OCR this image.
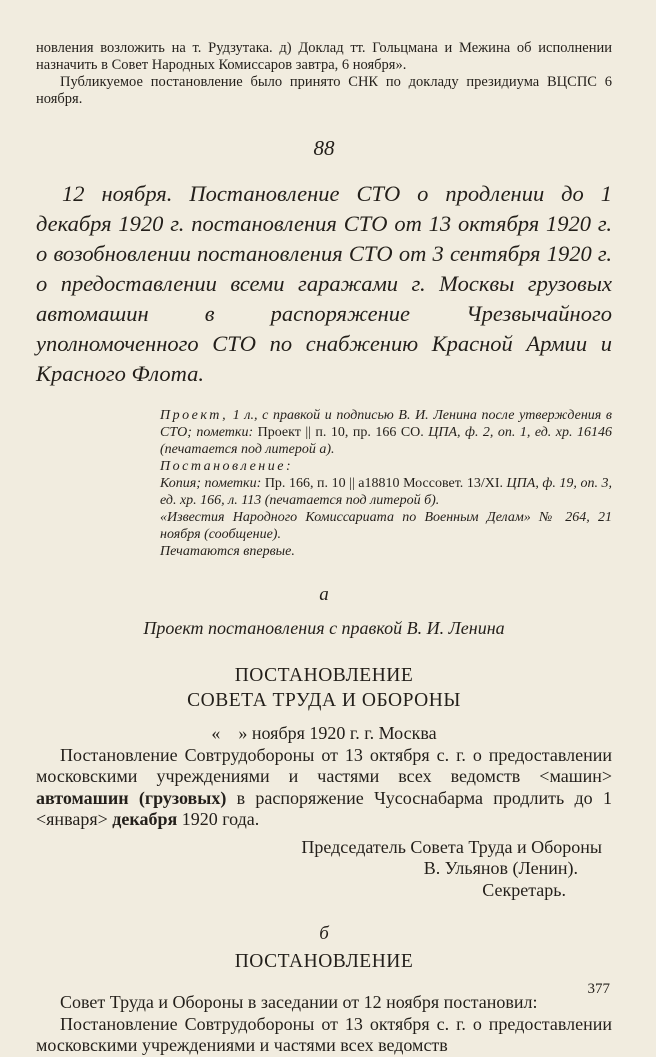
новления возложить на т. Рудзутака. д) Доклад тт. Гольцмана и Межина об исполнении назначить в Совет Народных Комиссаров завтра, 6 ноября».
Публикуемое постановление было принято СНК по докладу президиума ВЦСПС 6 ноября.
88

12 ноября. Постановление СТО о продлении до 1 декабря 1920 г. постановления СТО от 13 октября 1920 г. о возобновлении постановления СТО от 3 сентября 1920 г. о предоставлении всеми гаражами г. Москвы грузовых автомашин в распоряжение Чрезвычайного уполномоченного СТО по снабжению Красной Армии и Красного Флота.

Проект, 1 л., с правкой и подписью В. И. Ленина после утверждения в СТО; пометки: Проект || п. 10, пр. 166 СО. ЦПА, ф. 2, оп. 1, ед. хр. 16146 (печатается под литерой а).

Постановление:

Копия; пометки: Пр. 166, п. 10 || а18810 Моссовет. 13/XI. ЦПА, ф. 19, оп. 3, ед. хр. 166, л. 113 (печатается под литерой б).

«Известия Народного Комиссариата по Военным Делам» № 264, 21 ноября (сообщение).

Печатаются впервые.

а
Проект постановления с правкой В. И. Ленина
ПОСТАНОВЛЕНИЕ
СОВЕТА ТРУДА И ОБОРОНЫ
«    » ноября 1920 г. г. Москва

Постановление Совтрудобороны от 13 октября с. г. о предоставлении московскими учреждениями и частями всех ведомств <машин> автомашин (грузовых) в распоряжение Чусоснабарма продлить до 1 <января> декабря 1920 года.

Председатель Совета Труда и Обороны
В. Ульянов (Ленин).
Секретарь.
б
ПОСТАНОВЛЕНИЕ

Совет Труда и Обороны в заседании от 12 ноября постановил:

Постановление Совтрудобороны от 13 октября с. г. о предоставлении московскими учреждениями и частями всех ведомств

377
